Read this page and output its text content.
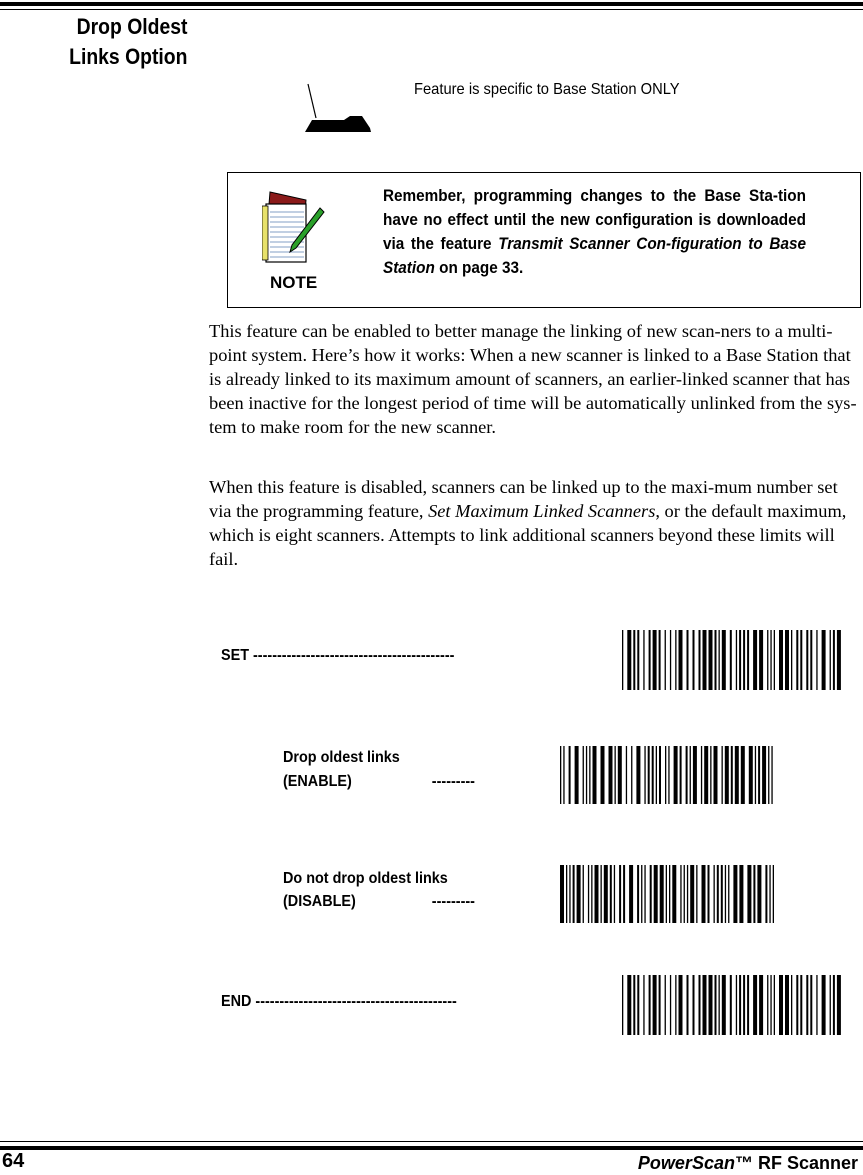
Drop Oldest
Links Option
Feature is specific to Base Station ONLY
NOTE
Remember, programming changes to the Base Sta-tion have no effect until the new configuration is downloaded via the feature Transmit Scanner Con-figuration to Base Station on page 33.
This feature can be enabled to better manage the linking of new scan-ners to a multi-point system. Here’s how it works: When a new scanner is linked to a Base Station that is already linked to its maximum amount of scanners, an earlier-linked scanner that has been inactive for the longest period of time will be automatically unlinked from the sys-tem to make room for the new scanner.
When this feature is disabled, scanners can be linked up to the maxi-mum number set via the programming feature, Set Maximum Linked Scanners, or the default maximum, which is eight scanners. Attempts to link additional scanners beyond these limits will fail.
SET ------------------------------------------
Drop oldest links
(ENABLE)                    ---------
Do not drop oldest links
(DISABLE)                   ---------
END ------------------------------------------
64	PowerScan™ RF Scanner
